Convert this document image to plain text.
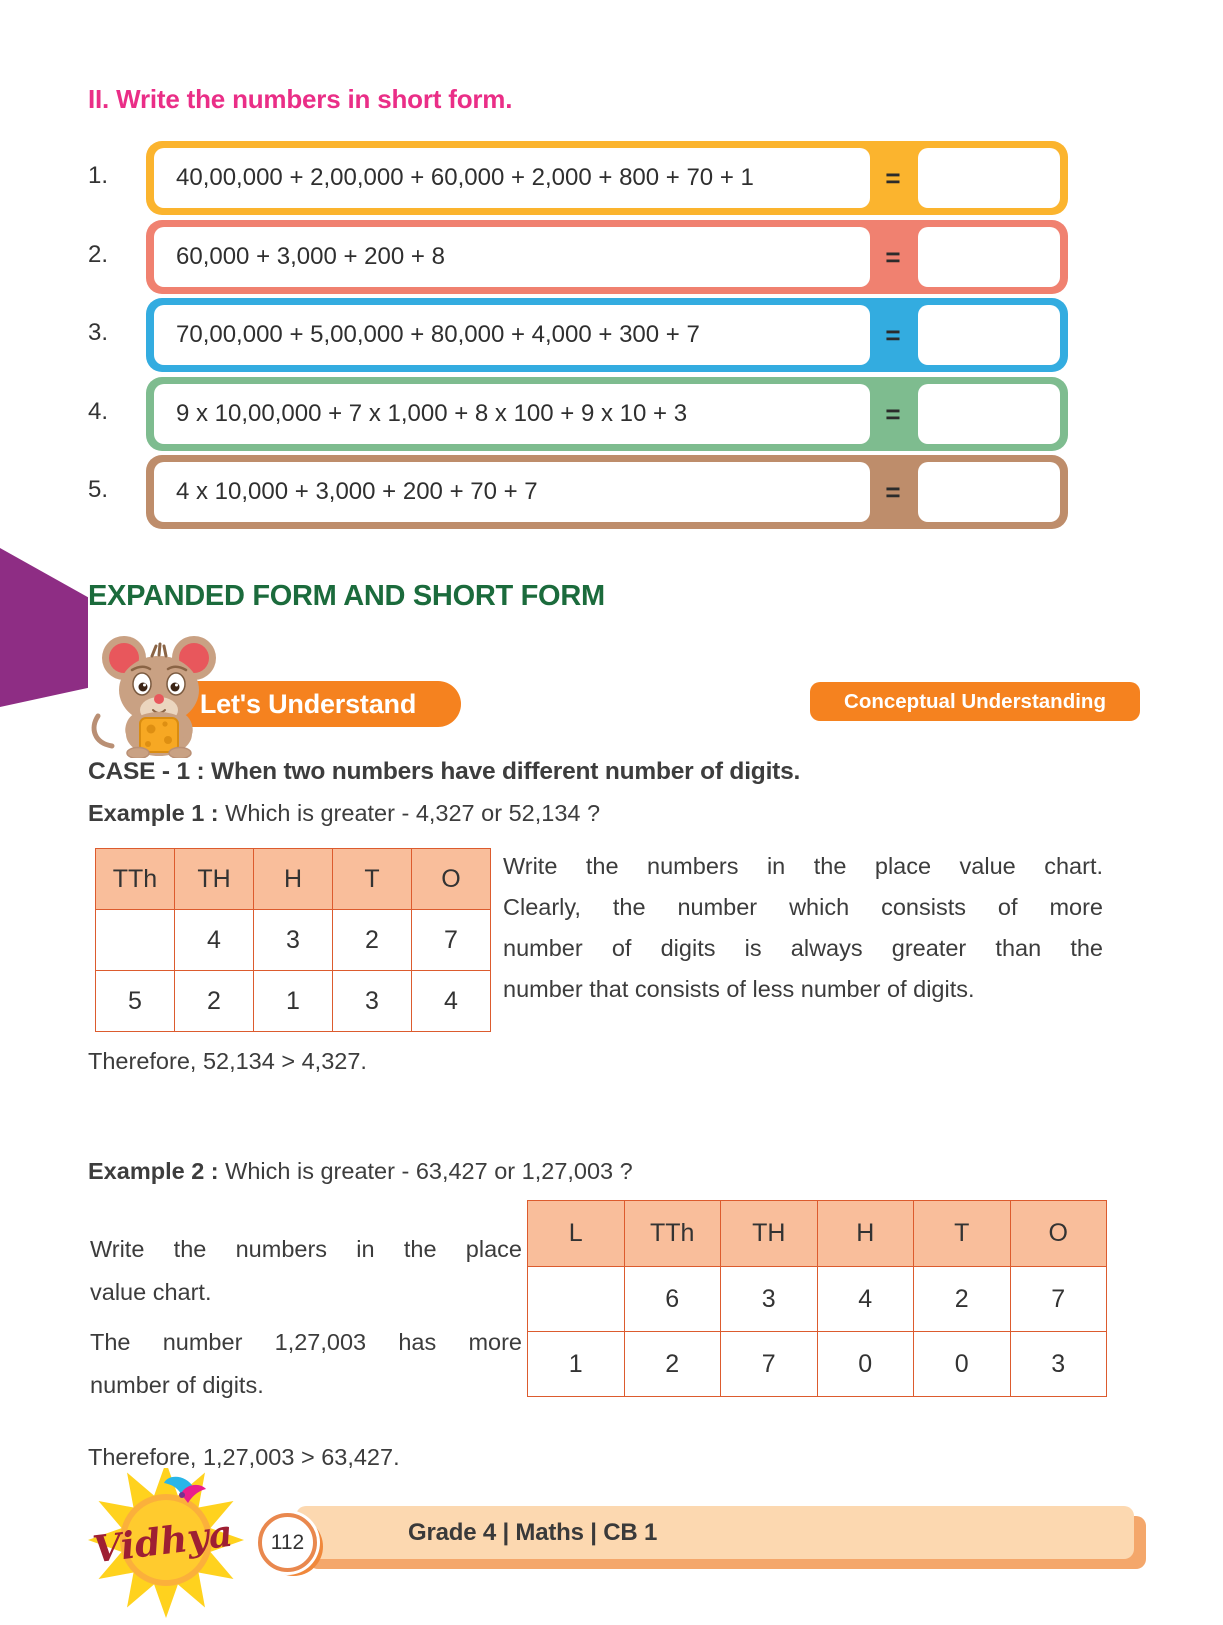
II. Write the numbers in short form.
1.	40,00,000 + 2,00,000 + 60,000 + 2,000 + 800 + 70 + 1	=
2.	60,000 + 3,000 + 200 + 8	=
3.	70,00,000 + 5,00,000 + 80,000 + 4,000 + 300 + 7	=
4.	9 x 10,00,000 + 7 x 1,000 + 8 x 100 + 9 x 10 + 3	=
5.	4 x 10,000 + 3,000 + 200 + 70 + 7	=
EXPANDED FORM AND SHORT FORM
Let's Understand	Conceptual Understanding
CASE - 1 : When two numbers have different number of digits.
Example 1 : Which is greater - 4,327 or 52,134 ?
TTh	TH	H	T	O
	4	3	2	7
5	2	1	3	4
Write the numbers in the place value chart.
Clearly, the number which consists of more
number of digits is always greater than the
number that consists of less number of digits.
Therefore, 52,134 > 4,327.
Example 2 : Which is greater - 63,427 or 1,27,003 ?
Write the numbers in the place
value chart.
The number 1,27,003 has more
number of digits.
L	TTh	TH	H	T	O
	6	3	4	2	7
1	2	7	0	0	3
Therefore, 1,27,003 > 63,427.
Grade 4 | Maths | CB 1
112
Vidhya
